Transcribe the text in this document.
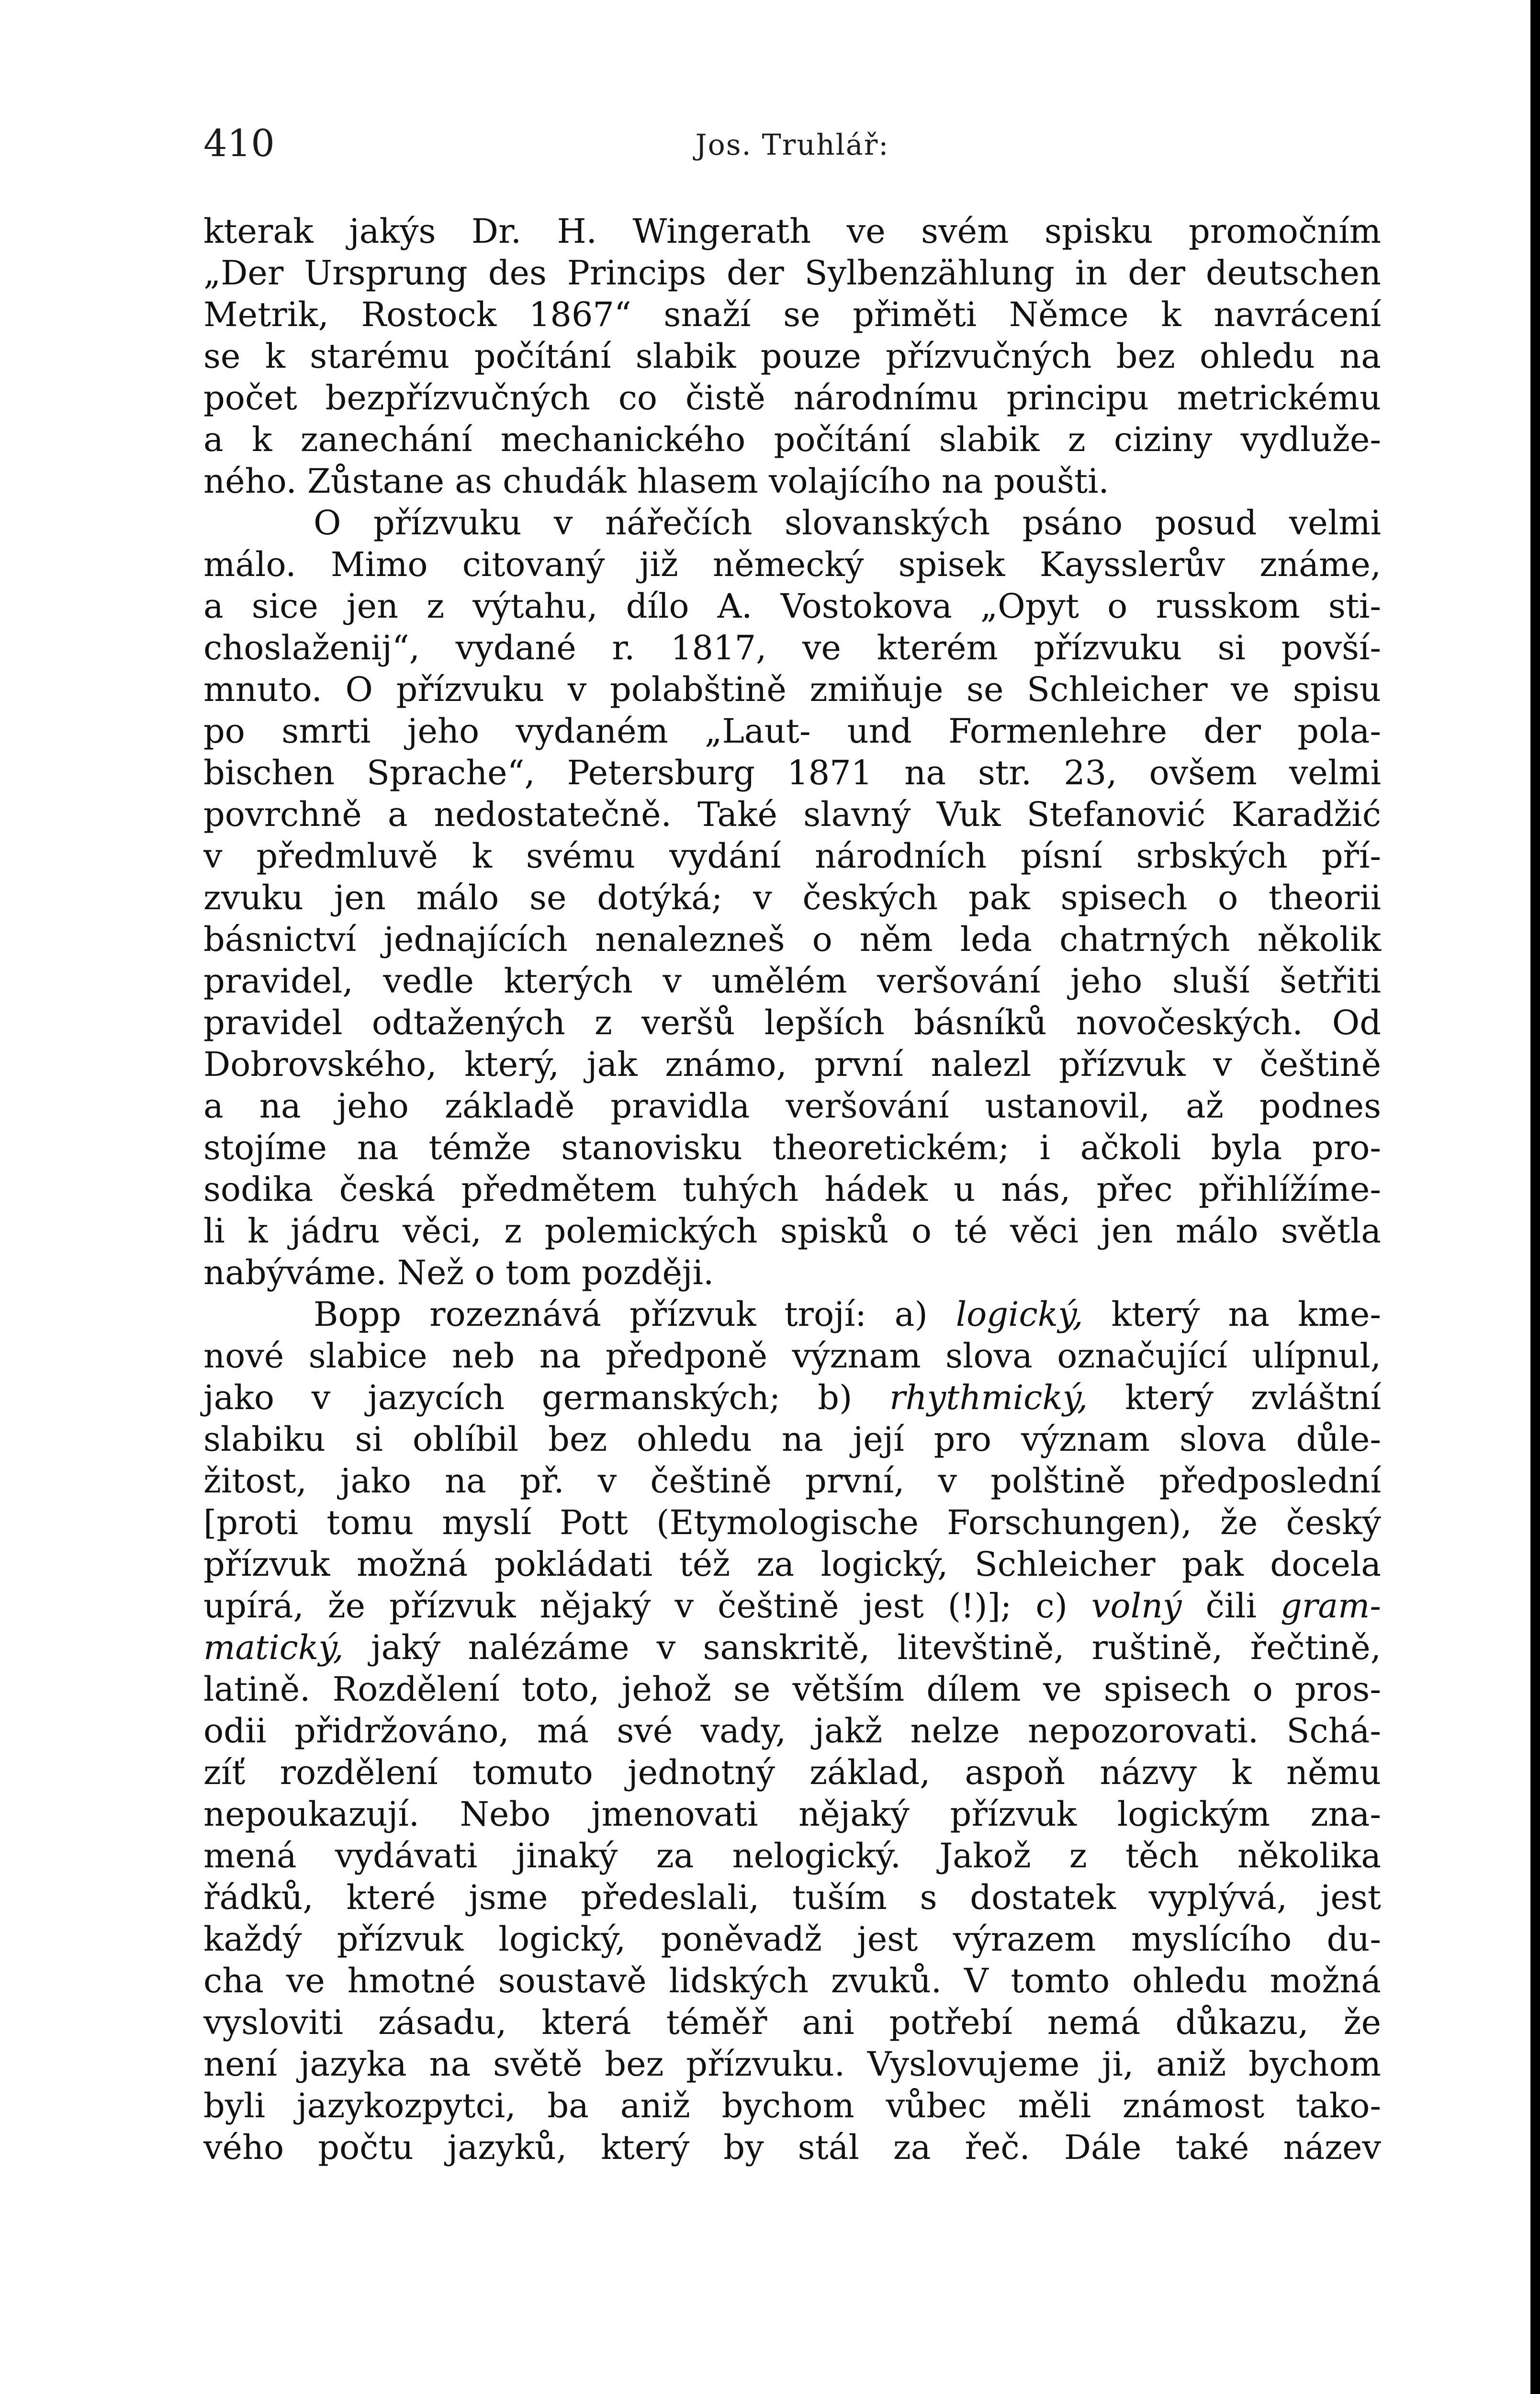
410	Jos. Truhlář:
kterak jakýs Dr. H. Wingerath ve svém spisku promočním
„Der Ursprung des Princips der Sylbenzählung in der deutschen
Metrik, Rostock 1867“ snaží se přiměti Němce k navrácení
se k starému počítání slabik pouze přízvučných bez ohledu na
počet bezpřízvučných co čistě národnímu principu metrickému
a k zanechání mechanického počítání slabik z ciziny vydluže-
ného. Zůstane as chudák hlasem volajícího na poušti.
O přízvuku v nářečích slovanských psáno posud velmi
málo. Mimo citovaný již německý spisek Kaysslerův známe,
a sice jen z výtahu, dílo A. Vostokova „Opyt o russkom sti-
choslaženij“, vydané r. 1817, ve kterém přízvuku si povší-
mnuto. O přízvuku v polabštině zmiňuje se Schleicher ve spisu
po smrti jeho vydaném „Laut- und Formenlehre der pola-
bischen Sprache“, Petersburg 1871 na str. 23, ovšem velmi
povrchně a nedostatečně. Také slavný Vuk Stefanović Karadžić
v předmluvě k svému vydání národních písní srbských pří-
zvuku jen málo se dotýká; v českých pak spisech o theorii
básnictví jednajících nenalezneš o něm leda chatrných několik
pravidel, vedle kterých v umělém veršování jeho sluší šetřiti
pravidel odtažených z veršů lepších básníků novočeských. Od
Dobrovského, který, jak známo, první nalezl přízvuk v češtině
a na jeho základě pravidla veršování ustanovil, až podnes
stojíme na témže stanovisku theoretickém; i ačkoli byla pro-
sodika česká předmětem tuhých hádek u nás, přec přihlížíme-
li k jádru věci, z polemických spisků o té věci jen málo světla
nabýváme. Než o tom později.
Bopp rozeznává přízvuk trojí: a) logický, který na kme-
nové slabice neb na předponě význam slova označující ulípnul,
jako v jazycích germanských; b) rhythmický, který zvláštní
slabiku si oblíbil bez ohledu na její pro význam slova důle-
žitost, jako na př. v češtině první, v polštině předposlední
[proti tomu myslí Pott (Etymologische Forschungen), že český
přízvuk možná pokládati též za logický, Schleicher pak docela
upírá, že přízvuk nějaký v češtině jest (!)]; c) volný čili gram-
matický, jaký nalézáme v sanskritě, litevštině, ruštině, řečtině,
latině. Rozdělení toto, jehož se větším dílem ve spisech o pros-
odii přidržováno, má své vady, jakž nelze nepozorovati. Schá-
zíť rozdělení tomuto jednotný základ, aspoň názvy k němu
nepoukazují. Nebo jmenovati nějaký přízvuk logickým zna-
mená vydávati jinaký za nelogický. Jakož z těch několika
řádků, které jsme předeslali, tuším s dostatek vyplývá, jest
každý přízvuk logický, poněvadž jest výrazem myslícího du-
cha ve hmotné soustavě lidských zvuků. V tomto ohledu možná
vysloviti zásadu, která téměř ani potřebí nemá důkazu, že
není jazyka na světě bez přízvuku. Vyslovujeme ji, aniž bychom
byli jazykozpytci, ba aniž bychom vůbec měli známost tako-
vého počtu jazyků, který by stál za řeč. Dále také název
